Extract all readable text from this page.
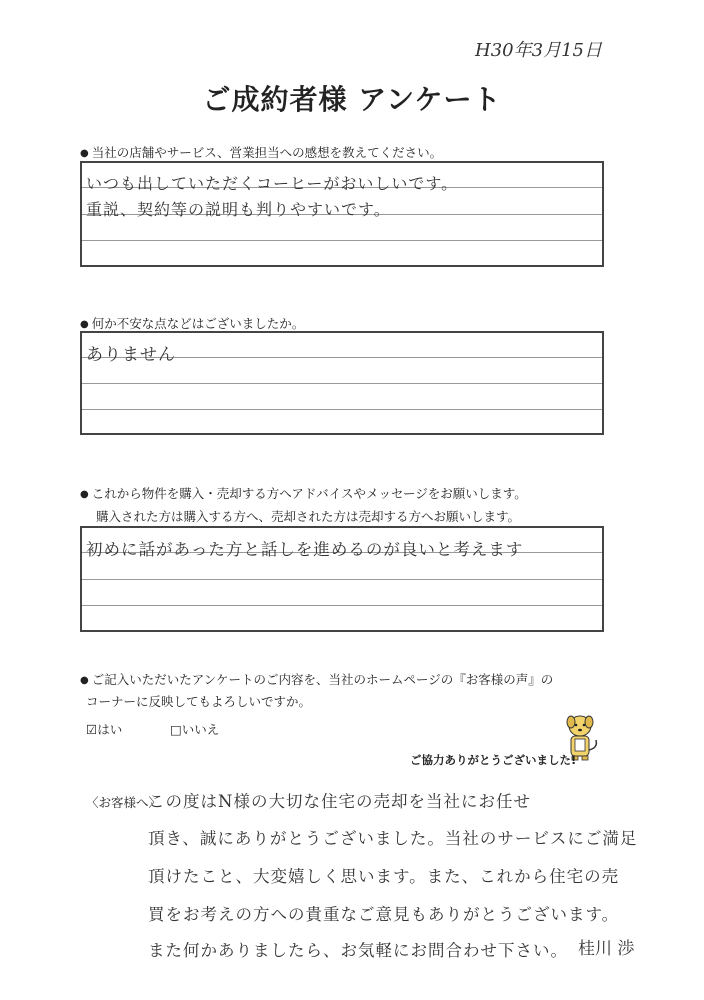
H30年3月15日
ご成約者様 アンケート
● 当社の店舗やサービス、営業担当への感想を教えてください。
いつも出していただくコーヒーがおいしいです。
重説、契約等の説明も判りやすいです。
● 何か不安な点などはございましたか。
ありません
● これから物件を購入・売却する方へアドバイスやメッセージをお願いします。
購入された方は購入する方へ、売却された方は売却する方へお願いします。
初めに話があった方と話しを進めるのが良いと考えます
● ご記入いただいたアンケートのご内容を、当社のホームページの『お客様の声』の
コーナーに反映してもよろしいですか。
☑はい	□いいえ
ご協力ありがとうございました!
〈お客様へ〉
この度はN様の大切な住宅の売却を当社にお任せ
頂き、誠にありがとうございました。当社のサービスにご満足
頂けたこと、大変嬉しく思います。また、これから住宅の売
買をお考えの方への貴重なご意見もありがとうございます。
また何かありましたら、お気軽にお問合わせ下さい。 桂川 渉
